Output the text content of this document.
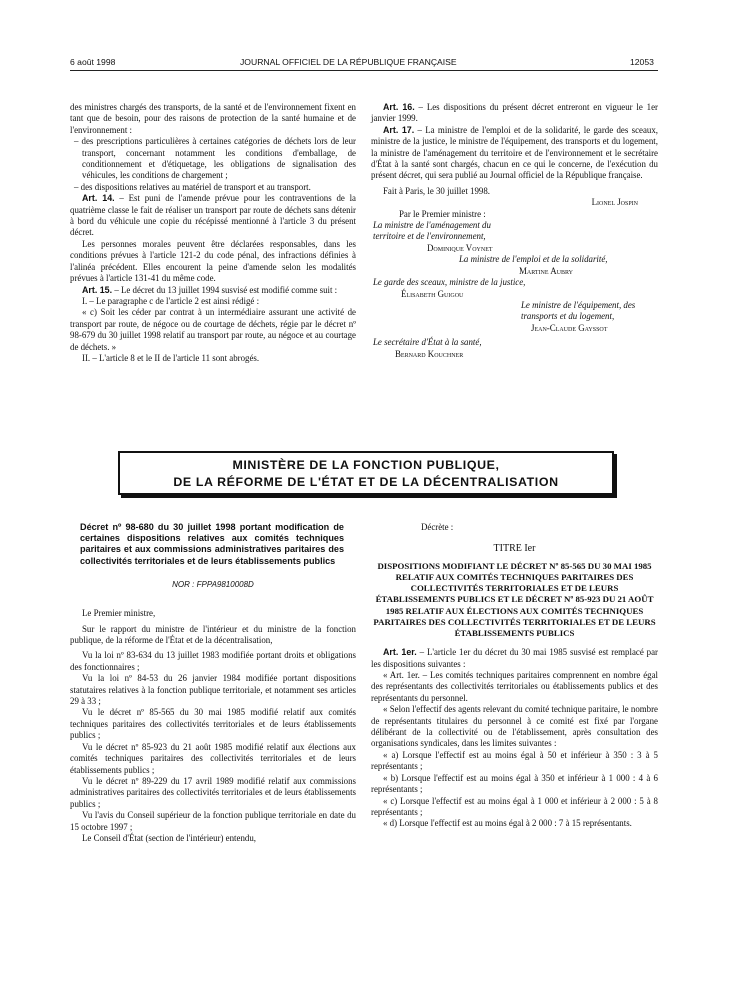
6 août 1998	JOURNAL OFFICIEL DE LA RÉPUBLIQUE FRANÇAISE	12053

des ministres chargés des transports, de la santé et de l'environnement fixent en tant que de besoin, pour des raisons de protection de la santé humaine et de l'environnement :

– des prescriptions particulières à certaines catégories de déchets lors de leur transport, concernant notamment les conditions d'emballage, de conditionnement et d'étiquetage, les obligations de signalisation des véhicules, les conditions de chargement ;

– des dispositions relatives au matériel de transport et au transport.

Art. 14. – Est puni de l'amende prévue pour les contraventions de la quatrième classe le fait de réaliser un transport par route de déchets sans détenir à bord du véhicule une copie du récépissé mentionné à l'article 3 du présent décret.

Les personnes morales peuvent être déclarées responsables, dans les conditions prévues à l'article 121-2 du code pénal, des infractions définies à l'alinéa précédent. Elles encourent la peine d'amende selon les modalités prévues à l'article 131-41 du même code.

Art. 15. – Le décret du 13 juillet 1994 susvisé est modifié comme suit :

I. – Le paragraphe c de l'article 2 est ainsi rédigé :

« c) Soit les céder par contrat à un intermédiaire assurant une activité de transport par route, de négoce ou de courtage de déchets, régie par le décret nº 98-679 du 30 juillet 1998 relatif au transport par route, au négoce et au courtage de déchets. »

II. – L'article 8 et le II de l'article 11 sont abrogés.

Art. 16. – Les dispositions du présent décret entreront en vigueur le 1er janvier 1999.

Art. 17. – La ministre de l'emploi et de la solidarité, le garde des sceaux, ministre de la justice, le ministre de l'équipement, des transports et du logement, la ministre de l'aménagement du territoire et de l'environnement et le secrétaire d'État à la santé sont chargés, chacun en ce qui le concerne, de l'exécution du présent décret, qui sera publié au Journal officiel de la République française.

Fait à Paris, le 30 juillet 1998.

Lionel Jospin

Par le Premier ministre :

La ministre de l'aménagement du territoire et de l'environnement,

Dominique Voynet

La ministre de l'emploi et de la solidarité,

Martine Aubry

Le garde des sceaux, ministre de la justice,

Élisabeth Guigou

Le ministre de l'équipement, des transports et du logement,

Jean-Claude Gayssot

Le secrétaire d'État à la santé,

Bernard Kouchner

MINISTÈRE DE LA FONCTION PUBLIQUE,
DE LA RÉFORME DE L'ÉTAT ET DE LA DÉCENTRALISATION

Décret nº 98-680 du 30 juillet 1998 portant modification de certaines dispositions relatives aux comités techniques paritaires et aux commissions administratives paritaires des collectivités territoriales et de leurs établissements publics

NOR : FPPA9810008D

Le Premier ministre,

Sur le rapport du ministre de l'intérieur et du ministre de la fonction publique, de la réforme de l'État et de la décentralisation,

Vu la loi nº 83-634 du 13 juillet 1983 modifiée portant droits et obligations des fonctionnaires ;

Vu la loi nº 84-53 du 26 janvier 1984 modifiée portant dispositions statutaires relatives à la fonction publique territoriale, et notamment ses articles 29 à 33 ;

Vu le décret nº 85-565 du 30 mai 1985 modifié relatif aux comités techniques paritaires des collectivités territoriales et de leurs établissements publics ;

Vu le décret nº 85-923 du 21 août 1985 modifié relatif aux élections aux comités techniques paritaires des collectivités territoriales et de leurs établissements publics ;

Vu le décret nº 89-229 du 17 avril 1989 modifié relatif aux commissions administratives paritaires des collectivités territoriales et de leurs établissements publics ;

Vu l'avis du Conseil supérieur de la fonction publique territoriale en date du 15 octobre 1997 ;

Le Conseil d'État (section de l'intérieur) entendu,

Décrète :

TITRE Ier

DISPOSITIONS MODIFIANT LE DÉCRET Nº 85-565 DU 30 MAI 1985 RELATIF AUX COMITÉS TECHNIQUES PARITAIRES DES COLLECTIVITÉS TERRITORIALES ET DE LEURS ÉTABLISSEMENTS PUBLICS ET LE DÉCRET Nº 85-923 DU 21 AOÛT 1985 RELATIF AUX ÉLECTIONS AUX COMITÉS TECHNIQUES PARITAIRES DES COLLECTIVITÉS TERRITORIALES ET DE LEURS ÉTABLISSEMENTS PUBLICS

Art. 1er. – L'article 1er du décret du 30 mai 1985 susvisé est remplacé par les dispositions suivantes :

« Art. 1er. – Les comités techniques paritaires comprennent en nombre égal des représentants des collectivités territoriales ou établissements publics et des représentants du personnel.

« Selon l'effectif des agents relevant du comité technique paritaire, le nombre de représentants titulaires du personnel à ce comité est fixé par l'organe délibérant de la collectivité ou de l'établissement, après consultation des organisations syndicales, dans les limites suivantes :

« a) Lorsque l'effectif est au moins égal à 50 et inférieur à 350 : 3 à 5 représentants ;

« b) Lorsque l'effectif est au moins égal à 350 et inférieur à 1 000 : 4 à 6 représentants ;

« c) Lorsque l'effectif est au moins égal à 1 000 et inférieur à 2 000 : 5 à 8 représentants ;

« d) Lorsque l'effectif est au moins égal à 2 000 : 7 à 15 représentants.
